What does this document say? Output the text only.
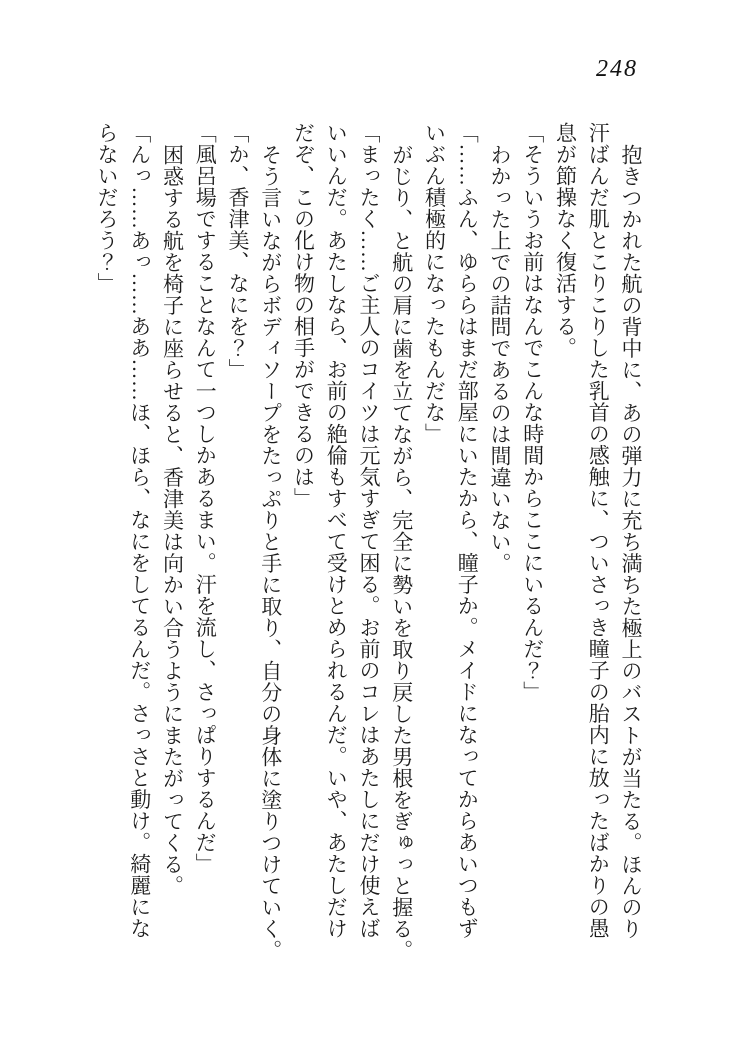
248
抱きつかれた航の背中に、あの弾力に充ち満ちた極上のバストが当たる。ほんのり
汗ばんだ肌とこりこりした乳首の感触に、ついさっき瞳子の胎内に放ったばかりの愚
息が節操なく復活する。
「そういうお前はなんでこんな時間からここにいるんだ？」
わかった上での詰問であるのは間違いない。
「……ふん、ゆららはまだ部屋にいたから、瞳子か。メイドになってからあいつもず
いぶん積極的になったもんだな」
がじり、と航の肩に歯を立てながら、完全に勢いを取り戻した男根をぎゅっと握る。
「まったく……ご主人のコイツは元気すぎて困る。お前のコレはあたしにだけ使えば
いいんだ。あたしなら、お前の絶倫もすべて受けとめられるんだ。いや、あたしだけ
だぞ、この化け物の相手ができるのは」
そう言いながらボディソープをたっぷりと手に取り、自分の身体に塗りつけていく。
「か、香津美、なにを？」
「風呂場ですることなんて一つしかあるまい。汗を流し、さっぱりするんだ」
困惑する航を椅子に座らせると、香津美は向かい合うようにまたがってくる。
「んっ……あっ……ああ……ほ、ほら、なにをしてるんだ。さっさと動け。綺麗にな
らないだろう？」
